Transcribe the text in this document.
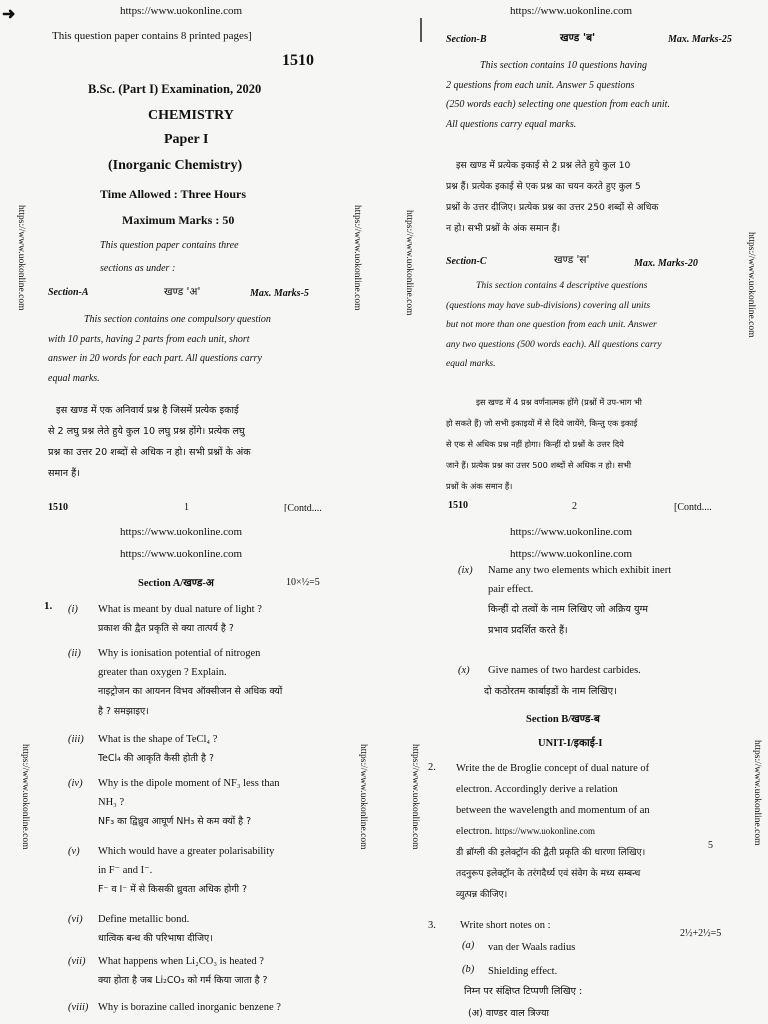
https://www.uokonline.com
➜
This question paper contains 8 printed pages]
1510
B.Sc. (Part I) Examination, 2020
CHEMISTRY
Paper I
(Inorganic Chemistry)
Time Allowed : Three Hours
Maximum Marks : 50
This question paper contains three
sections as under :
Section-A	खण्ड 'अ'	Max. Marks-5
This section contains one compulsory question
with 10 parts, having 2 parts from each unit, short
answer in 20 words for each part. All questions carry
equal marks.
इस खण्ड में एक अनिवार्य प्रश्न है जिसमें प्रत्येक इकाई
से 2 लघु प्रश्न लेते हुये कुल 10 लघु प्रश्न होंगे। प्रत्येक लघु
प्रश्न का उत्तर 20 शब्दों से अधिक न हो। सभी प्रश्नों के अंक
समान हैं।
1510	1	[Contd....
https://www.uokonline.com	https://www.uokonline.com
https://www.uokonline.com
Section-B	खण्ड 'ब'	Max. Marks-25
This section contains 10 questions having
2 questions from each unit. Answer 5 questions
(250 words each) selecting one question from each unit.
All questions carry equal marks.
इस खण्ड में प्रत्येक इकाई से 2 प्रश्न लेते हुये कुल 10
प्रश्न हैं। प्रत्येक इकाई से एक प्रश्न का चयन करते हुए कुल 5
प्रश्नों के उत्तर दीजिए। प्रत्येक प्रश्न का उत्तर 250 शब्दों से अधिक
न हो। सभी प्रश्नों के अंक समान हैं।
Section-C	खण्ड 'स'	Max. Marks-20
This section contains 4 descriptive questions
(questions may have sub-divisions) covering all units
but not more than one question from each unit. Answer
any two questions (500 words each). All questions carry
equal marks.
इस खण्ड में 4 प्रश्न वर्णनात्मक होंगे (प्रश्नों में उप-भाग भी
हो सकते हैं) जो सभी इकाइयों में से दिये जायेंगे, किन्तु एक इकाई
से एक से अधिक प्रश्न नहीं होगा। किन्हीं दो प्रश्नों के उत्तर दिये
जाने हैं। प्रत्येक प्रश्न का उत्तर 500 शब्दों से अधिक न हो। सभी
प्रश्नों के अंक समान हैं।
1510	2	[Contd....
https://www.uokonline.com	https://www.uokonline.com
https://www.uokonline.com
https://www.uokonline.com
Section A/खण्ड-अ	10×½=5
1. (i) What is meant by dual nature of light ?
प्रकाश की द्वैत प्रकृति से क्या तात्पर्य है ?
(ii) Why is ionisation potential of nitrogen
greater than oxygen ? Explain.
नाइट्रोजन का आयनन विभव ऑक्सीजन से अधिक क्यों
है ? समझाइए।
(iii) What is the shape of TeCl₄ ?
TeCl₄ की आकृति कैसी होती है ?
(iv) Why is the dipole moment of NF₃ less than
NH₃ ?
NF₃ का द्विध्रुव आघूर्ण NH₃ से कम क्यों है ?
(v) Which would have a greater polarisability
in F⁻ and I⁻.
F⁻ व I⁻ में से किसकी ध्रुवता अधिक होगी ?
(vi) Define metallic bond.
धात्विक बन्ध की परिभाषा दीजिए।
(vii) What happens when Li₂CO₃ is heated ?
क्या होता है जब Li₂CO₃ को गर्म किया जाता है ?
(viii) Why is borazine called inorganic benzene ?
https://www.uokonline.com	https://www.uokonline.com
https://www.uokonline.com
https://www.uokonline.com
(ix) Name any two elements which exhibit inert
pair effect.
किन्हीं दो तत्वों के नाम लिखिए जो अक्रिय युग्म
प्रभाव प्रदर्शित करते हैं।
(x) Give names of two hardest carbides.
दो कठोरतम कार्बाइडों के नाम लिखिए।
Section B/खण्ड-ब
UNIT-I/इकाई-I
2. Write the de Broglie concept of dual nature of
electron. Accordingly derive a relation
between the wavelength and momentum of an
electron. https://www.uokonline.com
डी ब्रॉग्ली की इलेक्ट्रॉन की द्वैती प्रकृति की धारणा लिखिए।
तदनुरूप इलेक्ट्रॉन के तरंगदैर्ध्य एवं संवेग के मध्य सम्बन्ध
व्युत्पन्न कीजिए।
5
3. Write short notes on :
2½+2½=5
(a) van der Waals radius
(b) Shielding effect.
निम्न पर संक्षिप्त टिप्पणी लिखिए :
(अ) वाण्डर वाल त्रिज्या
https://www.uokonline.com	https://www.uokonline.com
